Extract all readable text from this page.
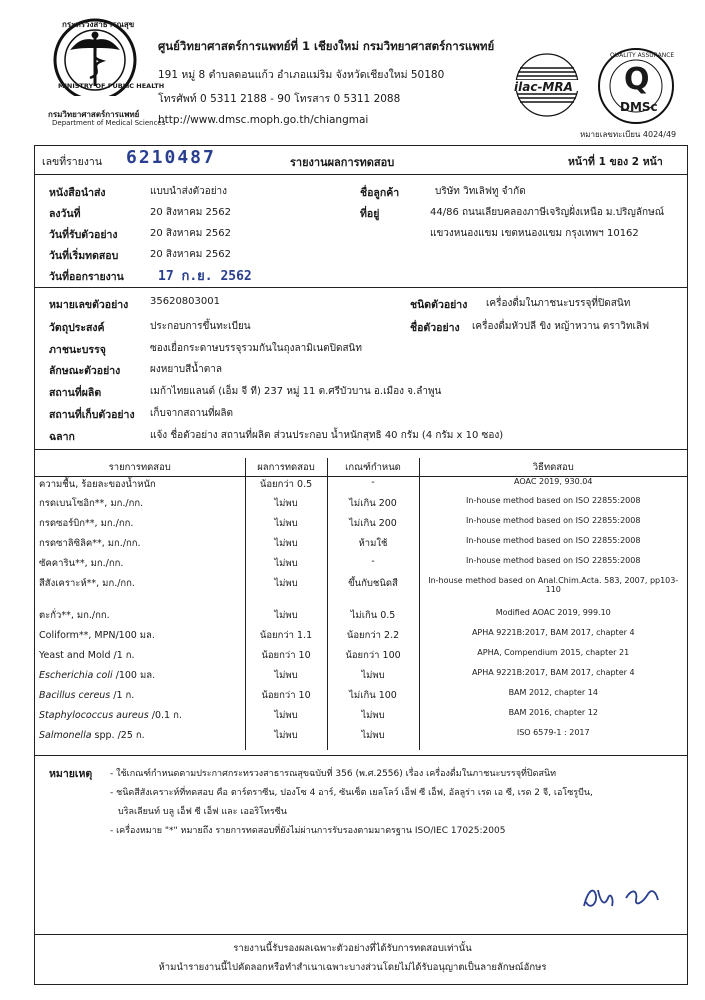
กระทรวงสาธารณสุข
MINISTRY OF PUBLIC HEALTH
กรมวิทยาศาสตร์การแพทย์
Department of Medical Sciences
ศูนย์วิทยาศาสตร์การแพทย์ที่ 1 เชียงใหม่ กรมวิทยาศาสตร์การแพทย์
191 หมู่ 8 ตำบลดอนแก้ว อำเภอแม่ริม จังหวัดเชียงใหม่ 50180
โทรศัพท์ 0 5311 2188 - 90 โทรสาร 0 5311 2088
http://www.dmsc.moph.go.th/chiangmai
ilac-MRA
QUALITY ASSURANCE
Q
DMSc
หมายเลขทะเบียน 4024/49
เลขที่รายงาน 6210487	รายงานผลการทดสอบ	หน้าที่ 1 ของ 2 หน้า
หนังสือนำส่ง	แบบนำส่งตัวอย่าง
ลงวันที่	20 สิงหาคม 2562
วันที่รับตัวอย่าง	20 สิงหาคม 2562
วันที่เริ่มทดสอบ	20 สิงหาคม 2562
วันที่ออกรายงาน	17 ก.ย. 2562
ชื่อลูกค้า	บริษัท วิทเลิฟทู จำกัด
ที่อยู่	44/86 ถนนเลียบคลองภาษีเจริญฝั่งเหนือ ม.ปริญลักษณ์
แขวงหนองแขม เขตหนองแขม กรุงเทพฯ 10162
หมายเลขตัวอย่าง 35620803001	ชนิดตัวอย่าง เครื่องดื่มในภาชนะบรรจุที่ปิดสนิท
วัตถุประสงค์	ประกอบการขึ้นทะเบียน	ชื่อตัวอย่าง เครื่องดื่มหัวปลี ขิง หญ้าหวาน ตราวิทเลิฟ
ภาชนะบรรจุ	ซองเยื่อกระดาษบรรจุรวมกันในถุงลามิเนตปิดสนิท
ลักษณะตัวอย่าง	ผงหยาบสีน้ำตาล
สถานที่ผลิต	เมก้าไทยแลนด์ (เอ็ม จี ที) 237 หมู่ 11 ต.ศรีบัวบาน อ.เมือง จ.ลำพูน
สถานที่เก็บตัวอย่าง เก็บจากสถานที่ผลิต
ฉลาก	แจ้ง ชื่อตัวอย่าง สถานที่ผลิต ส่วนประกอบ น้ำหนักสุทธิ 40 กรัม (4 กรัม x 10 ซอง)
รายการทดสอบ	ผลการทดสอบ	เกณฑ์กำหนด	วิธีทดสอบ
ความชื้น, ร้อยละของน้ำหนัก	น้อยกว่า 0.5	-	AOAC 2019, 930.04
กรดเบนโซอิก**, มก./กก.	ไม่พบ	ไม่เกิน 200	In-house method based on ISO 22855:2008
กรดซอร์บิก**, มก./กก.	ไม่พบ	ไม่เกิน 200	In-house method based on ISO 22855:2008
กรดซาลิซิลิค**, มก./กก.	ไม่พบ	ห้ามใช้	In-house method based on ISO 22855:2008
ซัคคาริน**, มก./กก.	ไม่พบ	-	In-house method based on ISO 22855:2008
สีสังเคราะห์**, มก./กก.	ไม่พบ	ขึ้นกับชนิดสี	In-house method based on Anal.Chim.Acta. 583, 2007, pp103-110
ตะกั่ว**, มก./กก.	ไม่พบ	ไม่เกิน 0.5	Modified AOAC 2019, 999.10
Coliform**, MPN/100 มล.	น้อยกว่า 1.1	น้อยกว่า 2.2	APHA 9221B:2017, BAM 2017, chapter 4
Yeast and Mold /1 ก.	น้อยกว่า 10	น้อยกว่า 100	APHA, Compendium 2015, chapter 21
Escherichia coli /100 มล.	ไม่พบ	ไม่พบ	APHA 9221B:2017, BAM 2017, chapter 4
Bacillus cereus /1 ก.	น้อยกว่า 10	ไม่เกิน 100	BAM 2012, chapter 14
Staphylococcus aureus /0.1 ก.	ไม่พบ	ไม่พบ	BAM 2016, chapter 12
Salmonella spp. /25 ก.	ไม่พบ	ไม่พบ	ISO 6579-1 : 2017
หมายเหตุ - ใช้เกณฑ์กำหนดตามประกาศกระทรวงสาธารณสุขฉบับที่ 356 (พ.ศ.2556) เรื่อง เครื่องดื่มในภาชนะบรรจุที่ปิดสนิท
- ชนิดสีสังเคราะห์ที่ทดสอบ คือ ตาร์ตราซีน, ปองโซ 4 อาร์, ซันเซ็ต เยลโลว์ เอ็ฟ ซี เอ็ฟ, อัลลูร่า เรด เอ ซี, เรด 2 จี, เอโซรูบีน,
บริลเลียนท์ บลู เอ็ฟ ซี เอ็ฟ และ เออริโทรซีน
- เครื่องหมาย "*" หมายถึง รายการทดสอบที่ยังไม่ผ่านการรับรองตามมาตรฐาน ISO/IEC 17025:2005
รายงานนี้รับรองผลเฉพาะตัวอย่างที่ได้รับการทดสอบเท่านั้น
ห้ามนำรายงานนี้ไปคัดลอกหรือทำสำเนาเฉพาะบางส่วนโดยไม่ได้รับอนุญาตเป็นลายลักษณ์อักษร
